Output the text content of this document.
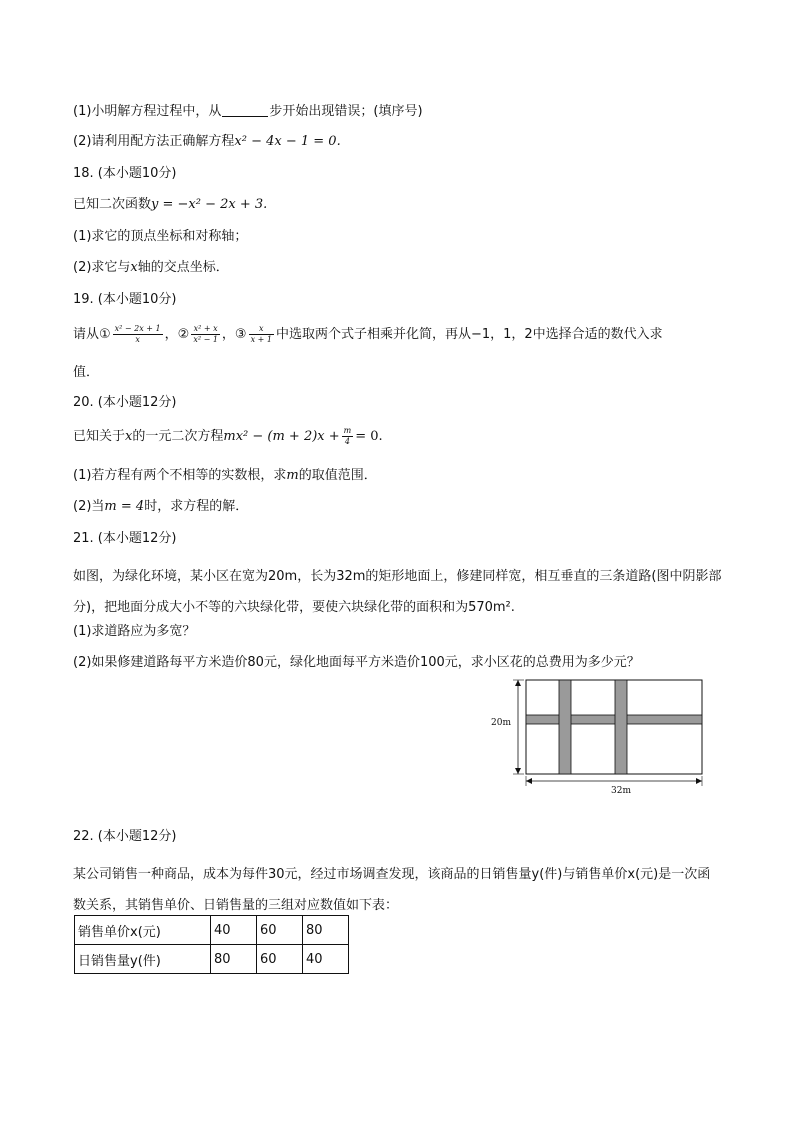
(1)小明解方程过程中，从	步开始出现错误；(填序号)
(2)请利用配方法正确解方程x² − 4x − 1 = 0.
18. (本小题10分)
已知二次函数y = −x² − 2x + 3.
(1)求它的顶点坐标和对称轴；
(2)求它与x轴的交点坐标．
19. (本小题10分)
请从① $\frac{\text{x² − 2x + 1}}{x}$ ，② $\frac{\text{x² + x}}{\text{x² − 1}}$ ，③ $\frac{x}{x + 1}$ 中选取两个式子相乘并化简，再从−1，1，2中选择合适的数代入求
值．
20. (本小题12分)
已知关于x的一元二次方程$mx^2 - (m + 2)x + \frac{m}{4} = 0$.
(1)若方程有两个不相等的实数根，求m的取值范围．
(2)当m = 4时，求方程的解．
21. (本小题12分)
如图，为绿化环境，某小区在宽为20m，长为32m的矩形地面上，修建同样宽，相互垂直的三条道路(图中阴影部分)，把地面分成大小不等的六块绿化带，要使六块绿化带的面积和为570m².
(1)求道路应为多宽？
(2)如果修建道路每平方米造价80元，绿化地面每平方米造价100元，求小区花的总费用为多少元？
20m
32m
22. (本小题12分)
某公司销售一种商品，成本为每件30元，经过市场调查发现，该商品的日销售量y(件)与销售单价x(元)是一次函数关系，其销售单价、日销售量的三组对应数值如下表：
销售单价x(元)	40	60	80
日销售量y(件)	80	60	40
